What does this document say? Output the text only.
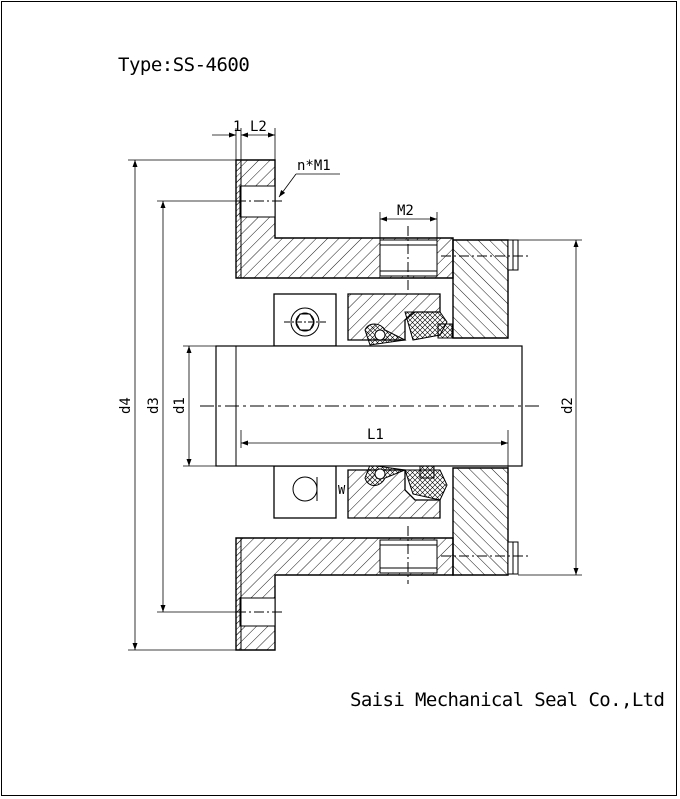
Type:SS-4600
Saisi Mechanical Seal Co.,Ltd
1 L2
n*M1
M2
L1
W
d4 d3 d1	d2
